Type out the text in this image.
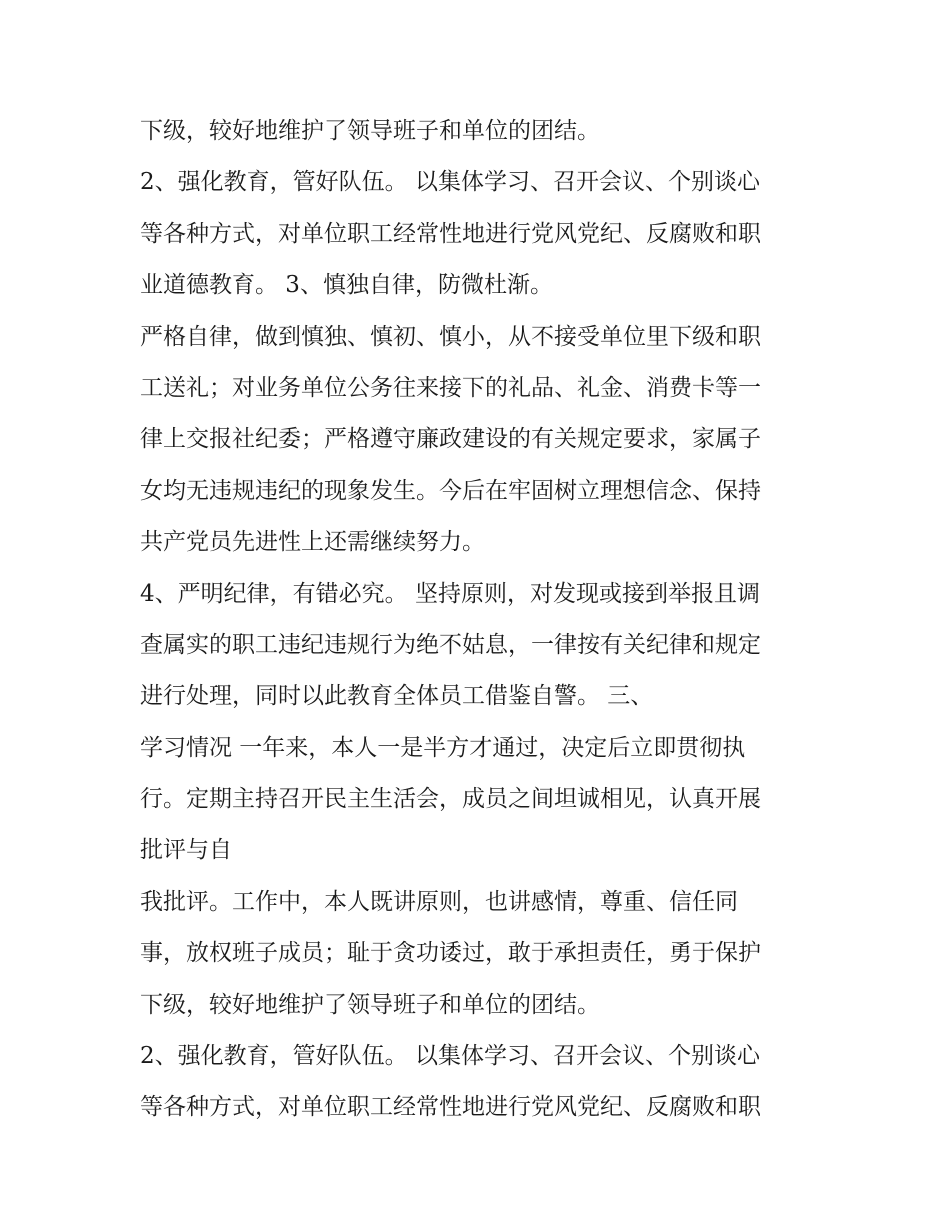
下级，较好地维护了领导班子和单位的团结。
2、强化教育，管好队伍。 以集体学习、召开会议、个别谈心
等各种方式，对单位职工经常性地进行党风党纪、反腐败和职
业道德教育。 3、慎独自律，防微杜渐。
严格自律，做到慎独、慎初、慎小，从不接受单位里下级和职
工送礼；对业务单位公务往来接下的礼品、礼金、消费卡等一
律上交报社纪委；严格遵守廉政建设的有关规定要求，家属子
女均无违规违纪的现象发生。今后在牢固树立理想信念、保持
共产党员先进性上还需继续努力。
4、严明纪律，有错必究。 坚持原则，对发现或接到举报且调
查属实的职工违纪违规行为绝不姑息，一律按有关纪律和规定
进行处理，同时以此教育全体员工借鉴自警。 三、
学习情况 一年来，本人一是半方才通过，决定后立即贯彻执
行。定期主持召开民主生活会，成员之间坦诚相见，认真开展
批评与自
我批评。工作中，本人既讲原则，也讲感情，尊重、信任同
事，放权班子成员；耻于贪功诿过，敢于承担责任，勇于保护
下级，较好地维护了领导班子和单位的团结。
2、强化教育，管好队伍。 以集体学习、召开会议、个别谈心
等各种方式，对单位职工经常性地进行党风党纪、反腐败和职
